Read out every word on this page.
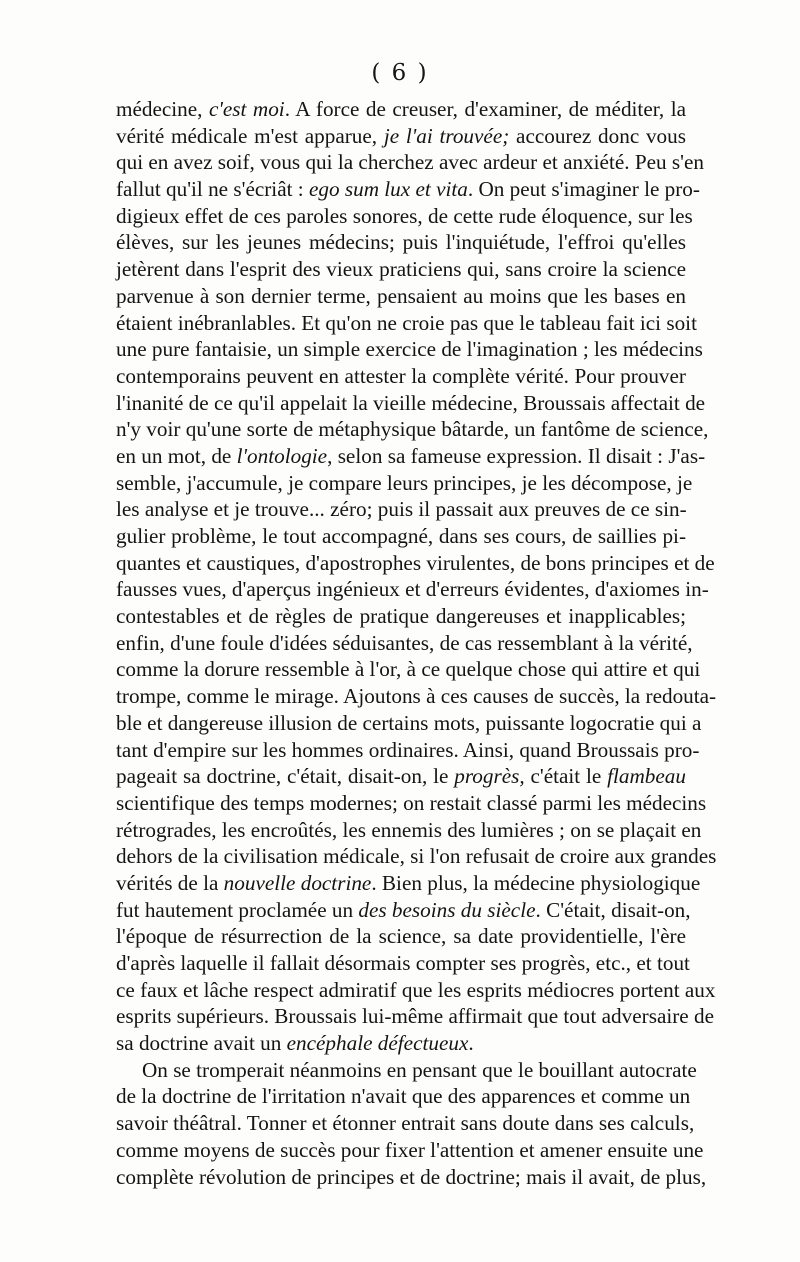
( 6 )
médecine, c'est moi. A force de creuser, d'examiner, de méditer, la
vérité médicale m'est apparue, je l'ai trouvée; accourez donc vous
qui en avez soif, vous qui la cherchez avec ardeur et anxiété. Peu s'en
fallut qu'il ne s'écriât : ego sum lux et vita. On peut s'imaginer le pro-
digieux effet de ces paroles sonores, de cette rude éloquence, sur les
élèves, sur les jeunes médecins; puis l'inquiétude, l'effroi qu'elles
jetèrent dans l'esprit des vieux praticiens qui, sans croire la science
parvenue à son dernier terme, pensaient au moins que les bases en
étaient inébranlables. Et qu'on ne croie pas que le tableau fait ici soit
une pure fantaisie, un simple exercice de l'imagination ; les médecins
contemporains peuvent en attester la complète vérité. Pour prouver
l'inanité de ce qu'il appelait la vieille médecine, Broussais affectait de
n'y voir qu'une sorte de métaphysique bâtarde, un fantôme de science,
en un mot, de l'ontologie, selon sa fameuse expression. Il disait : J'as-
semble, j'accumule, je compare leurs principes, je les décompose, je
les analyse et je trouve... zéro; puis il passait aux preuves de ce sin-
gulier problème, le tout accompagné, dans ses cours, de saillies pi-
quantes et caustiques, d'apostrophes virulentes, de bons principes et de
fausses vues, d'aperçus ingénieux et d'erreurs évidentes, d'axiomes in-
contestables et de règles de pratique dangereuses et inapplicables;
enfin, d'une foule d'idées séduisantes, de cas ressemblant à la vérité,
comme la dorure ressemble à l'or, à ce quelque chose qui attire et qui
trompe, comme le mirage. Ajoutons à ces causes de succès, la redouta-
ble et dangereuse illusion de certains mots, puissante logocratie qui a
tant d'empire sur les hommes ordinaires. Ainsi, quand Broussais pro-
pageait sa doctrine, c'était, disait-on, le progrès, c'était le flambeau
scientifique des temps modernes; on restait classé parmi les médecins
rétrogrades, les encroûtés, les ennemis des lumières ; on se plaçait en
dehors de la civilisation médicale, si l'on refusait de croire aux grandes
vérités de la nouvelle doctrine. Bien plus, la médecine physiologique
fut hautement proclamée un des besoins du siècle. C'était, disait-on,
l'époque de résurrection de la science, sa date providentielle, l'ère
d'après laquelle il fallait désormais compter ses progrès, etc., et tout
ce faux et lâche respect admiratif que les esprits médiocres portent aux
esprits supérieurs. Broussais lui-même affirmait que tout adversaire de
sa doctrine avait un encéphale défectueux.
On se tromperait néanmoins en pensant que le bouillant autocrate
de la doctrine de l'irritation n'avait que des apparences et comme un
savoir théâtral. Tonner et étonner entrait sans doute dans ses calculs,
comme moyens de succès pour fixer l'attention et amener ensuite une
complète révolution de principes et de doctrine; mais il avait, de plus,
